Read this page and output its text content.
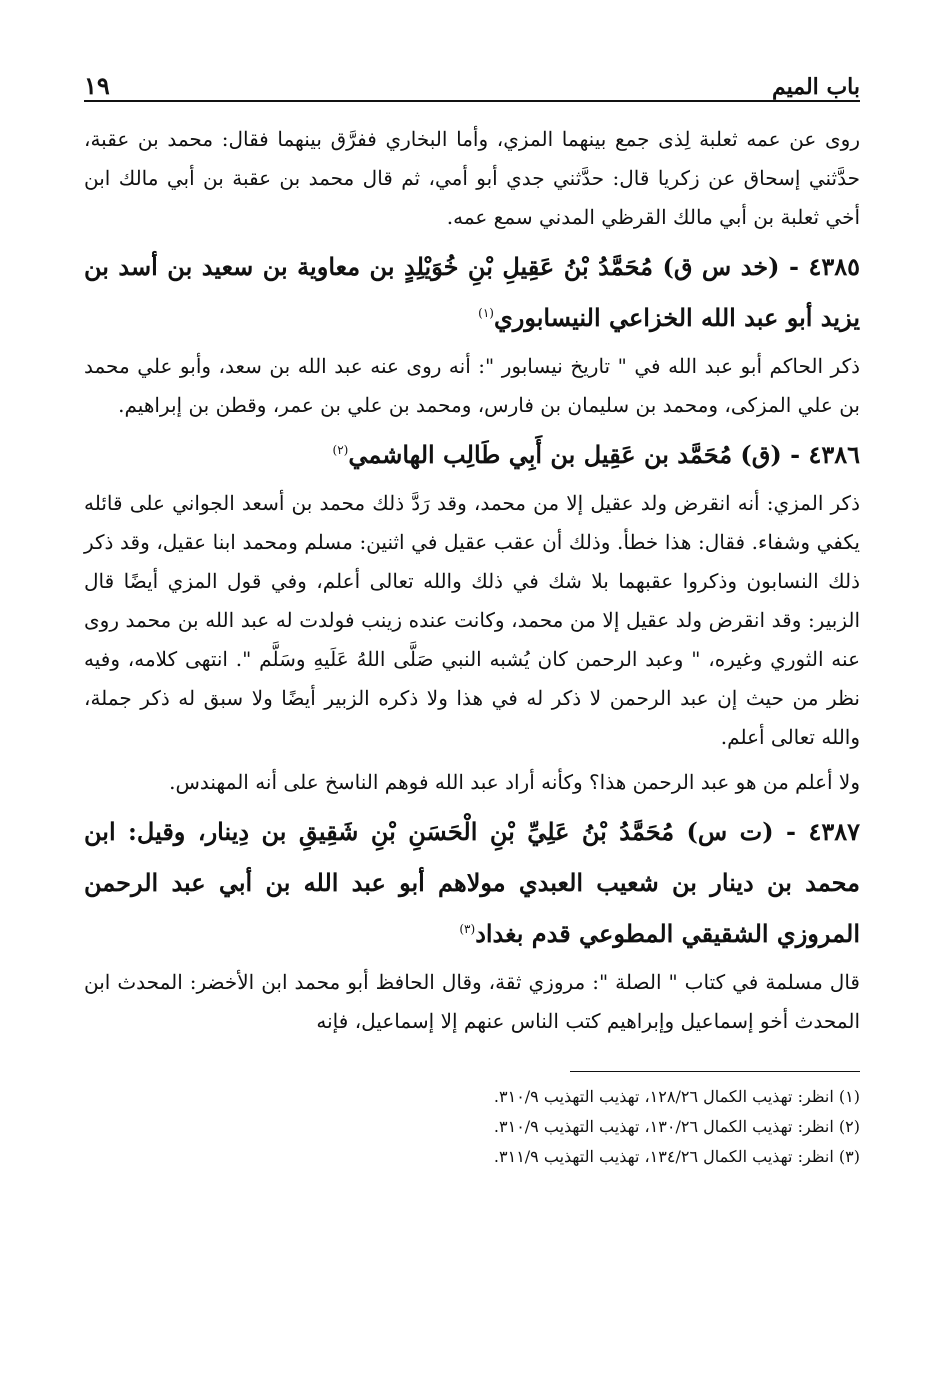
باب الميم
١٩

روى عن عمه ثعلبة لِذى جمع بينهما المزي، وأما البخاري ففرَّق بينهما فقال: محمد بن عقبة، حدَّثني إسحاق عن زكريا قال: حدَّثني جدي أبو أمي، ثم قال محمد بن عقبة بن أبي مالك ابن أخي ثعلبة بن أبي مالك القرظي المدني سمع عمه.

٤٣٨٥ - (خد س ق) مُحَمَّدُ بْنُ عَقِيلِ بْنِ خُوَيْلِدٍ بن معاوية بن سعيد بن أسد بن يزيد أبو عبد الله الخزاعي النيسابوري$^{(١)}$

ذكر الحاكم أبو عبد الله في " تاريخ نيسابور ": أنه روى عنه عبد الله بن سعد، وأبو علي محمد بن علي المزكى، ومحمد بن سليمان بن فارس، ومحمد بن علي بن عمر، وقطن بن إبراهيم.

٤٣٨٦ - (ق) مُحَمَّد بن عَقِيل بن أَبِي طَالِب الهاشمي$^{(٢)}$

ذكر المزي: أنه انقرض ولد عقيل إلا من محمد، وقد رَدَّ ذلك محمد بن أسعد الجواني على قائله يكفي وشفاء. فقال: هذا خطأ. وذلك أن عقب عقيل في اثنين: مسلم ومحمد ابنا عقيل، وقد ذكر ذلك النسابون وذكروا عقبهما بلا شك في ذلك والله تعالى أعلم، وفي قول المزي أيضًا قال الزبير: وقد انقرض ولد عقيل إلا من محمد، وكانت عنده زينب فولدت له عبد الله بن محمد روى عنه الثوري وغيره، " وعبد الرحمن كان يُشبه النبي صَلَّى اللهُ عَلَيهِ وسَلَّم ". انتهى كلامه، وفيه نظر من حيث إن عبد الرحمن لا ذكر له في هذا ولا ذكره الزبير أيضًا ولا سبق له ذكر جملة، والله تعالى أعلم.

ولا أعلم من هو عبد الرحمن هذا؟ وكأنه أراد عبد الله فوهم الناسخ على أنه المهندس.

٤٣٨٧ - (ت س) مُحَمَّدُ بْنُ عَلِيِّ بْنِ الْحَسَنِ بْنِ شَقِيقِ بن دِينار، وقيل: ابن محمد بن دينار بن شعيب العبدي مولاهم أبو عبد الله بن أبي عبد الرحمن المروزي الشقيقي المطوعي قدم بغداد$^{(٣)}$

قال مسلمة في كتاب " الصلة ": مروزي ثقة، وقال الحافظ أبو محمد ابن الأخضر: المحدث ابن المحدث أخو إسماعيل وإبراهيم كتب الناس عنهم إلا إسماعيل، فإنه

(١) انظر: تهذيب الكمال ١٢٨/٢٦، تهذيب التهذيب ٣١٠/٩.

(٢) انظر: تهذيب الكمال ١٣٠/٢٦، تهذيب التهذيب ٣١٠/٩.

(٣) انظر: تهذيب الكمال ١٣٤/٢٦، تهذيب التهذيب ٣١١/٩.
